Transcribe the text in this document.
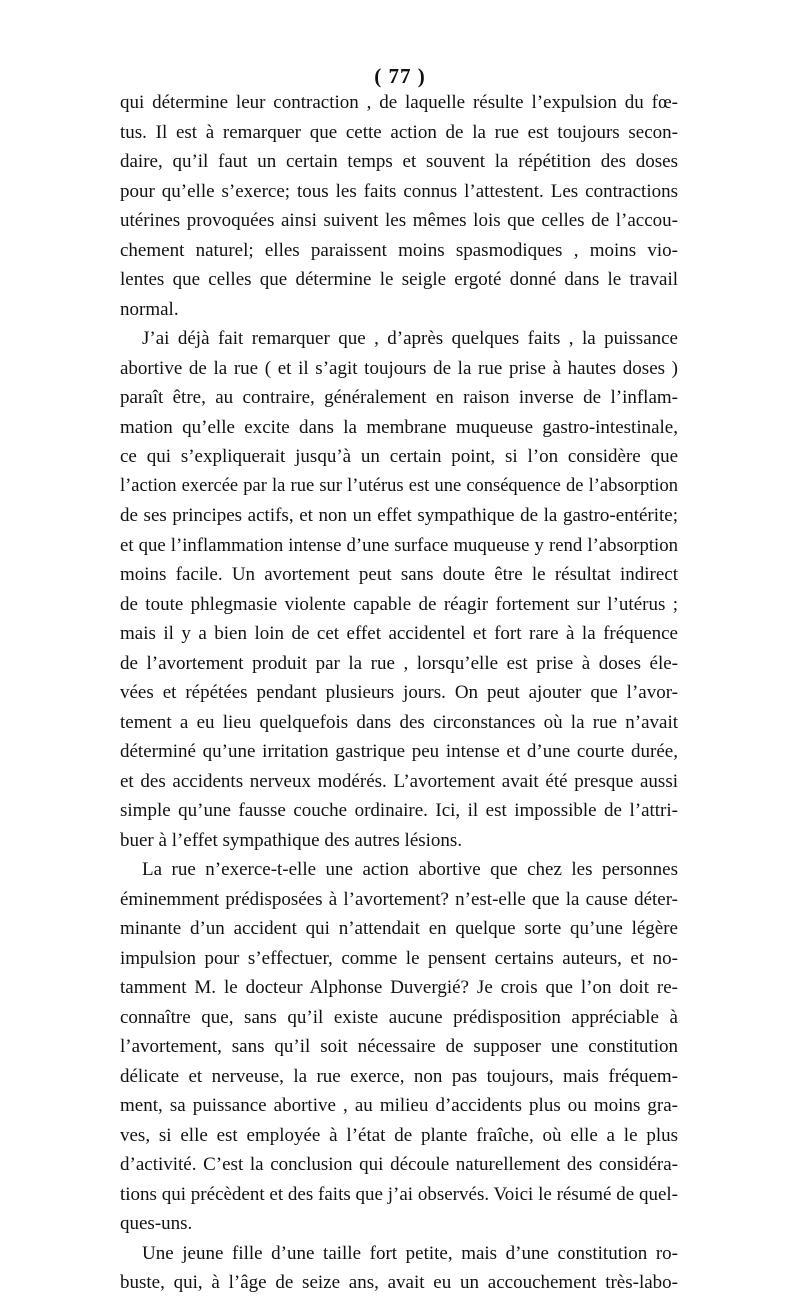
( 77 )
qui détermine leur contraction , de laquelle résulte l’expulsion du fœ-
tus. Il est à remarquer que cette action de la rue est toujours secon-
daire, qu’il faut un certain temps et souvent la répétition des doses
pour qu’elle s’exerce; tous les faits connus l’attestent. Les contractions
utérines provoquées ainsi suivent les mêmes lois que celles de l’accou-
chement naturel; elles paraissent moins spasmodiques , moins vio-
lentes que celles que détermine le seigle ergoté donné dans le travail
normal.
J’ai déjà fait remarquer que , d’après quelques faits , la puissance
abortive de la rue ( et il s’agit toujours de la rue prise à hautes doses )
paraît être, au contraire, généralement en raison inverse de l’inflam-
mation qu’elle excite dans la membrane muqueuse gastro-intestinale,
ce qui s’expliquerait jusqu’à un certain point, si l’on considère que
l’action exercée par la rue sur l’utérus est une conséquence de l’absorption
de ses principes actifs, et non un effet sympathique de la gastro-entérite;
et que l’inflammation intense d’une surface muqueuse y rend l’absorption
moins facile. Un avortement peut sans doute être le résultat indirect
de toute phlegmasie violente capable de réagir fortement sur l’utérus ;
mais il y a bien loin de cet effet accidentel et fort rare à la fréquence
de l’avortement produit par la rue , lorsqu’elle est prise à doses éle-
vées et répétées pendant plusieurs jours. On peut ajouter que l’avor-
tement a eu lieu quelquefois dans des circonstances où la rue n’avait
déterminé qu’une irritation gastrique peu intense et d’une courte durée,
et des accidents nerveux modérés. L’avortement avait été presque aussi
simple qu’une fausse couche ordinaire. Ici, il est impossible de l’attri-
buer à l’effet sympathique des autres lésions.
La rue n’exerce-t-elle une action abortive que chez les personnes
éminemment prédisposées à l’avortement? n’est-elle que la cause déter-
minante d’un accident qui n’attendait en quelque sorte qu’une légère
impulsion pour s’effectuer, comme le pensent certains auteurs, et no-
tamment M. le docteur Alphonse Duvergié? Je crois que l’on doit re-
connaître que, sans qu’il existe aucune prédisposition appréciable à
l’avortement, sans qu’il soit nécessaire de supposer une constitution
délicate et nerveuse, la rue exerce, non pas toujours, mais fréquem-
ment, sa puissance abortive , au milieu d’accidents plus ou moins gra-
ves, si elle est employée à l’état de plante fraîche, où elle a le plus
d’activité. C’est la conclusion qui découle naturellement des considéra-
tions qui précèdent et des faits que j’ai observés. Voici le résumé de quel-
ques-uns.
Une jeune fille d’une taille fort petite, mais d’une constitution ro-
buste, qui, à l’âge de seize ans, avait eu un accouchement très-labo-
